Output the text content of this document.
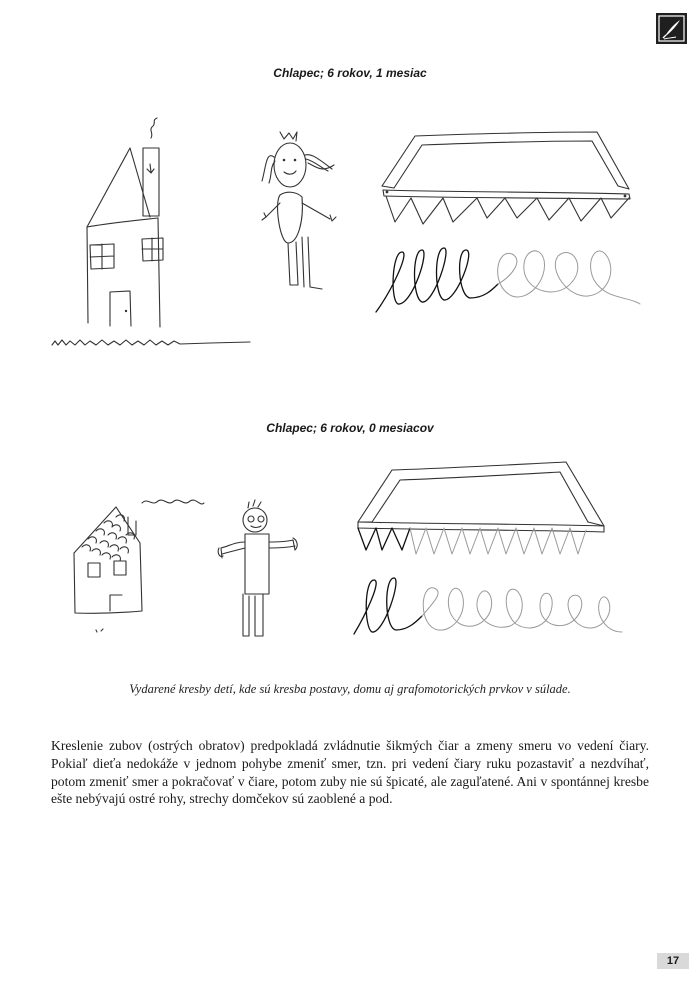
Chlapec; 6 rokov, 1 mesiac
Chlapec; 6 rokov, 0 mesiacov
Vydarené kresby detí, kde sú kresba postavy, domu aj grafomotorických prvkov v súlade.
Kreslenie zubov (ostrých obratov) predpokladá zvládnutie šikmých čiar a zmeny smeru vo vedení čiary. Pokiaľ dieťa nedokáže v jednom pohybe zmeniť smer, tzn. pri vedení čiary ruku pozastaviť a nezdvíhať, potom zmeniť smer a pokračovať v čiare, potom zuby nie sú špicaté, ale zaguľatené. Ani v spontánnej kresbe ešte nebývajú ostré rohy, strechy domčekov sú zaoblené a pod.
17
